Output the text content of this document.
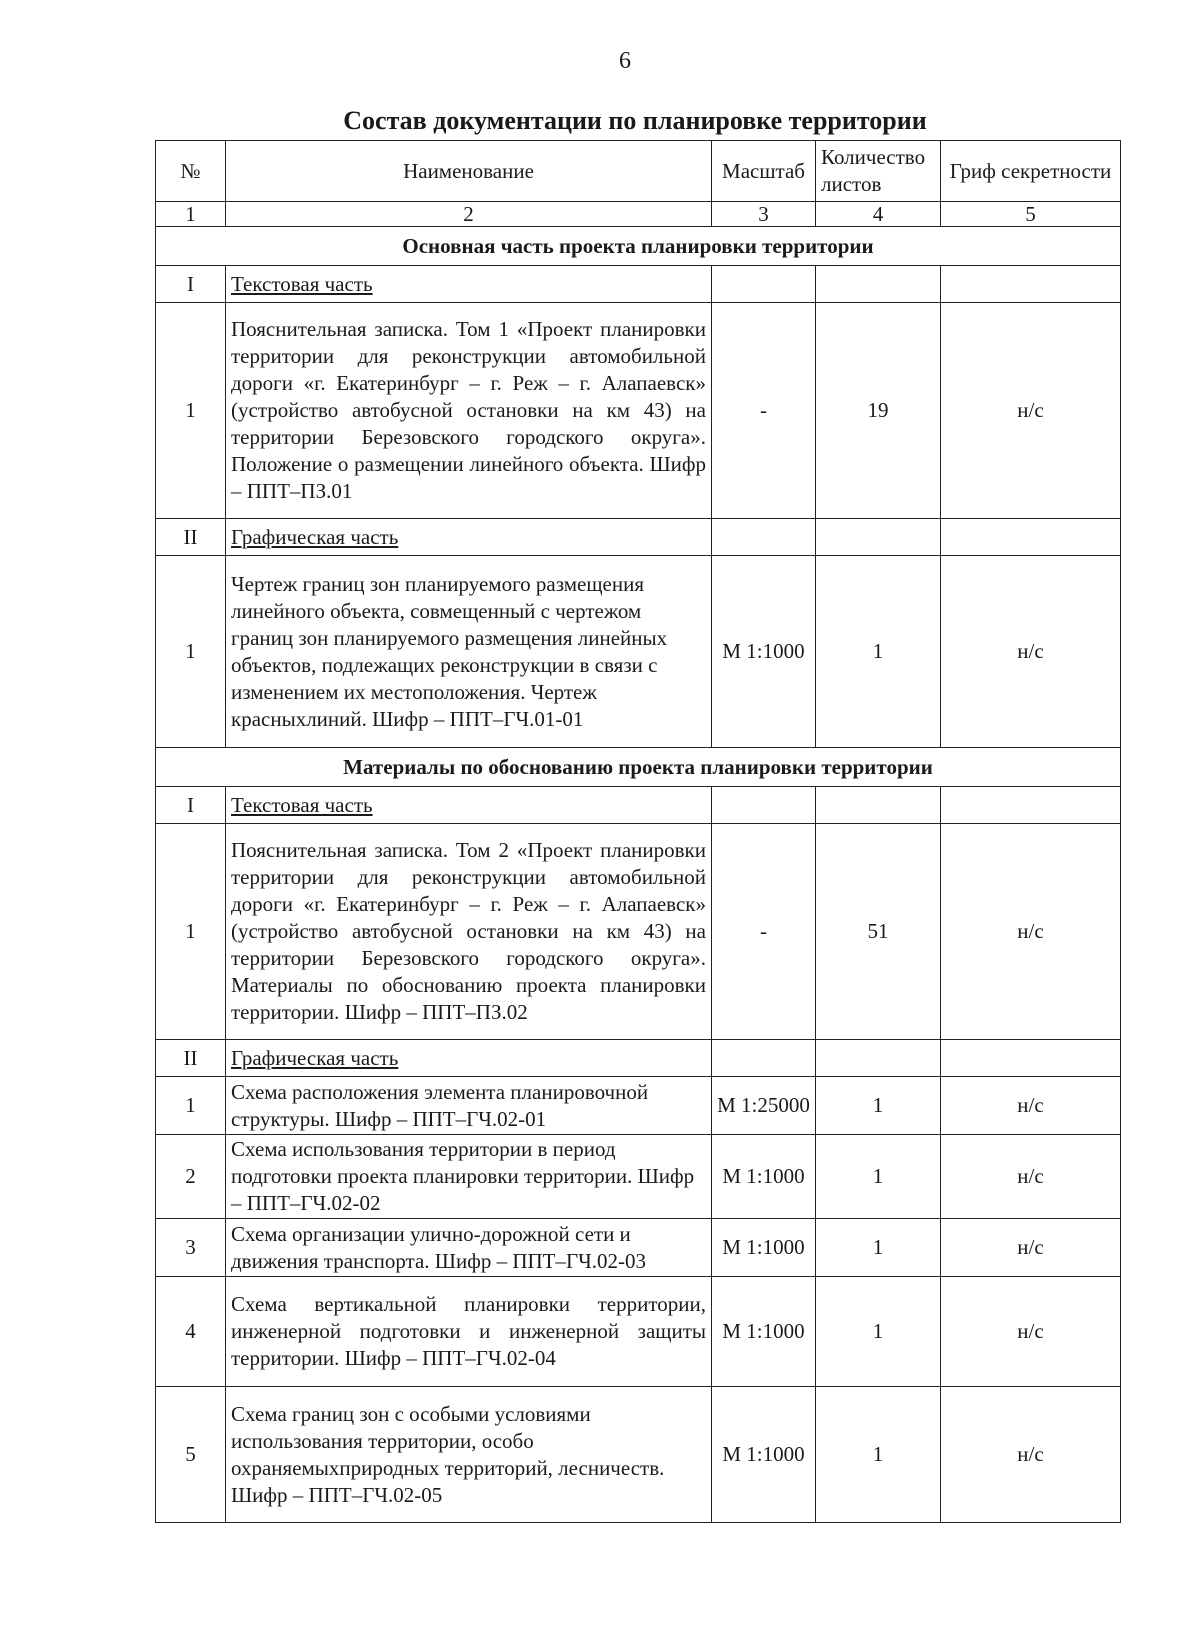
6
Состав документации по планировке территории
№	Наименование	Масштаб	Количество листов	Гриф секретности
1	2	3	4	5
Основная часть проекта планировки территории				
I	Текстовая часть			
1	Пояснительная записка. Том 1 «Проект планировки территории для реконструкции автомобильной дороги «г. Екатеринбург – г. Реж – г. Алапаевск» (устройство автобусной остановки на км 43) на территории Березовского городского округа». Положение о размещении линейного объекта. Шифр – ППТ–ПЗ.01	-	19	н/с
II	Графическая часть			
1	Чертеж границ зон планируемого размещения линейного объекта, совмещенный с чертежом границ зон планируемого размещения линейных объектов, подлежащих реконструкции в связи с изменением их местоположения. Чертеж красныхлиний. Шифр – ППТ–ГЧ.01-01	М 1:1000	1	н/с
Материалы по обоснованию проекта планировки территории				
I	Текстовая часть			
1	Пояснительная записка. Том 2 «Проект планировки территории для реконструкции автомобильной дороги «г. Екатеринбург – г. Реж – г. Алапаевск» (устройство автобусной остановки на км 43) на территории Березовского городского округа». Материалы по обоснованию проекта планировки территории. Шифр – ППТ–ПЗ.02	-	51	н/с
II	Графическая часть			
1	Схема расположения элемента планировочной структуры. Шифр – ППТ–ГЧ.02-01	М 1:25000	1	н/с
2	Схема использования территории в период подготовки проекта планировки территории. Шифр – ППТ–ГЧ.02-02	М 1:1000	1	н/с
3	Схема организации улично-дорожной сети и движения транспорта. Шифр – ППТ–ГЧ.02-03	М 1:1000	1	н/с
4	Схема вертикальной планировки территории, инженерной подготовки и инженерной защиты территории. Шифр – ППТ–ГЧ.02-04	М 1:1000	1	н/с
5	Схема границ зон с особыми условиями использования территории, особо охраняемыхприродных территорий, лесничеств. Шифр – ППТ–ГЧ.02-05	М 1:1000	1	н/с
